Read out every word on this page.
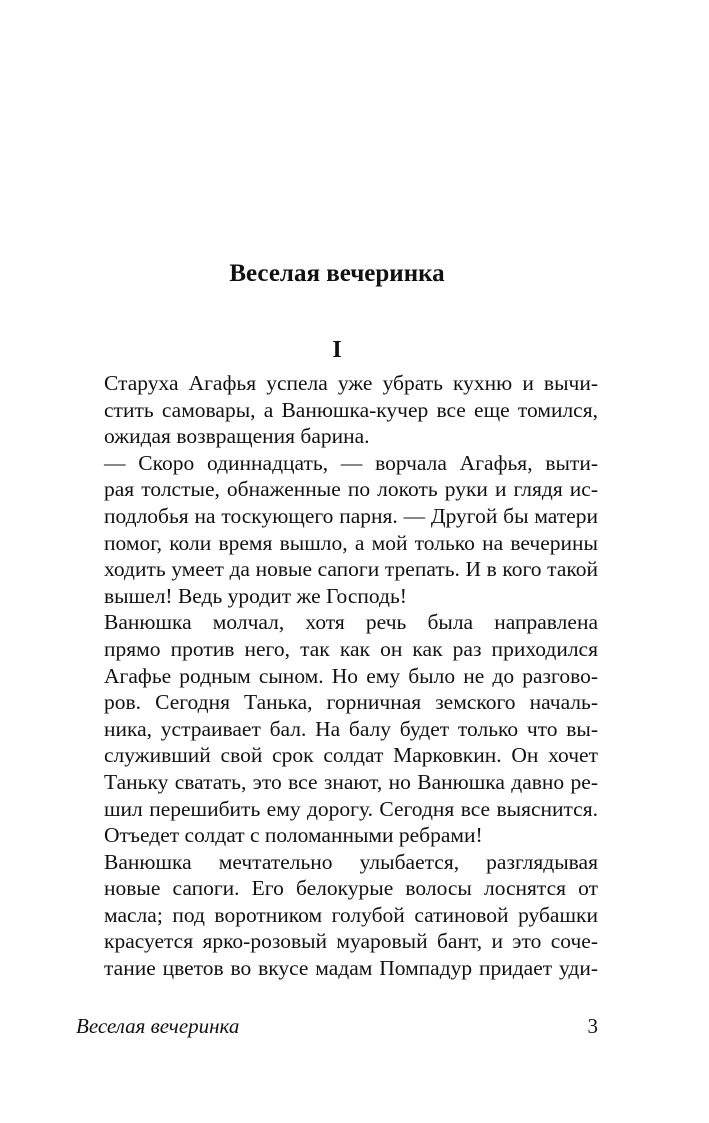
Веселая вечеринка
I

Старуха Агафья успела уже убрать кухню и вычи-
стить самовары, а Ванюшка-кучер все еще томился,
ожидая возвращения барина.

— Скоро одиннадцать, — ворчала Агафья, выти-
рая толстые, обнаженные по локоть руки и глядя ис-
подлобья на тоскующего парня. — Другой бы матери
помог, коли время вышло, а мой только на вечерины
ходить умеет да новые сапоги трепать. И в кого такой
вышел! Ведь уродит же Господь!

Ванюшка молчал, хотя речь была направлена
прямо против него, так как он как раз приходился
Агафье родным сыном. Но ему было не до разгово-
ров. Сегодня Танька, горничная земского началь-
ника, устраивает бал. На балу будет только что вы-
служивший свой срок солдат Марковкин. Он хочет
Таньку сватать, это все знают, но Ванюшка давно ре-
шил перешибить ему дорогу. Сегодня все выяснится.
Отъедет солдат с поломанными ребрами!

Ванюшка мечтательно улыбается, разглядывая
новые сапоги. Его белокурые волосы лоснятся от
масла; под воротником голубой сатиновой рубашки
красуется ярко-розовый муаровый бант, и это соче-
тание цветов во вкусе мадам Помпадур придает уди-

Веселая вечеринка	3
